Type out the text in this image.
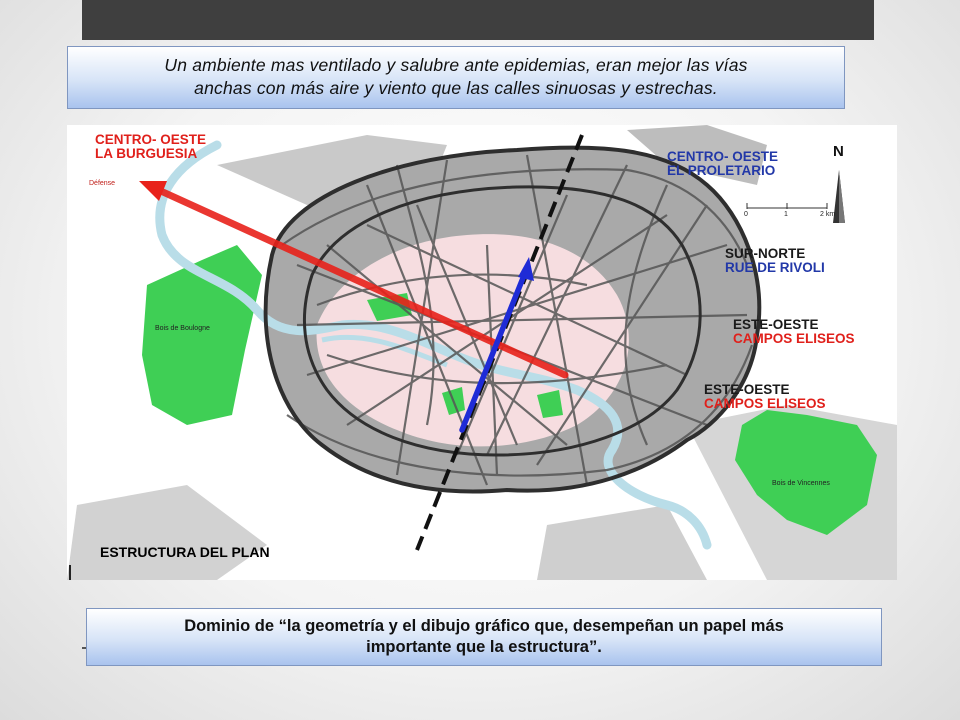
Un ambiente mas ventilado y salubre ante epidemias, eran mejor las vías
anchas con más aire y viento que las calles sinuosas y estrechas.
CENTRO- OESTE
LA BURGUESIA
Défense
CENTRO- OESTE
EL PROLETARIO
N
0	1	2 km
SUR-NORTE
RUE DE RIVOLI
ESTE-OESTE
CAMPOS ELISEOS
ESTE-OESTE
CAMPOS ELISEOS
Bois de Boulogne
Bois de Vincennes
ESTRUCTURA DEL PLAN
Dominio de “la geometría y el dibujo gráfico que, desempeñan un papel más
importante que la estructura”.
